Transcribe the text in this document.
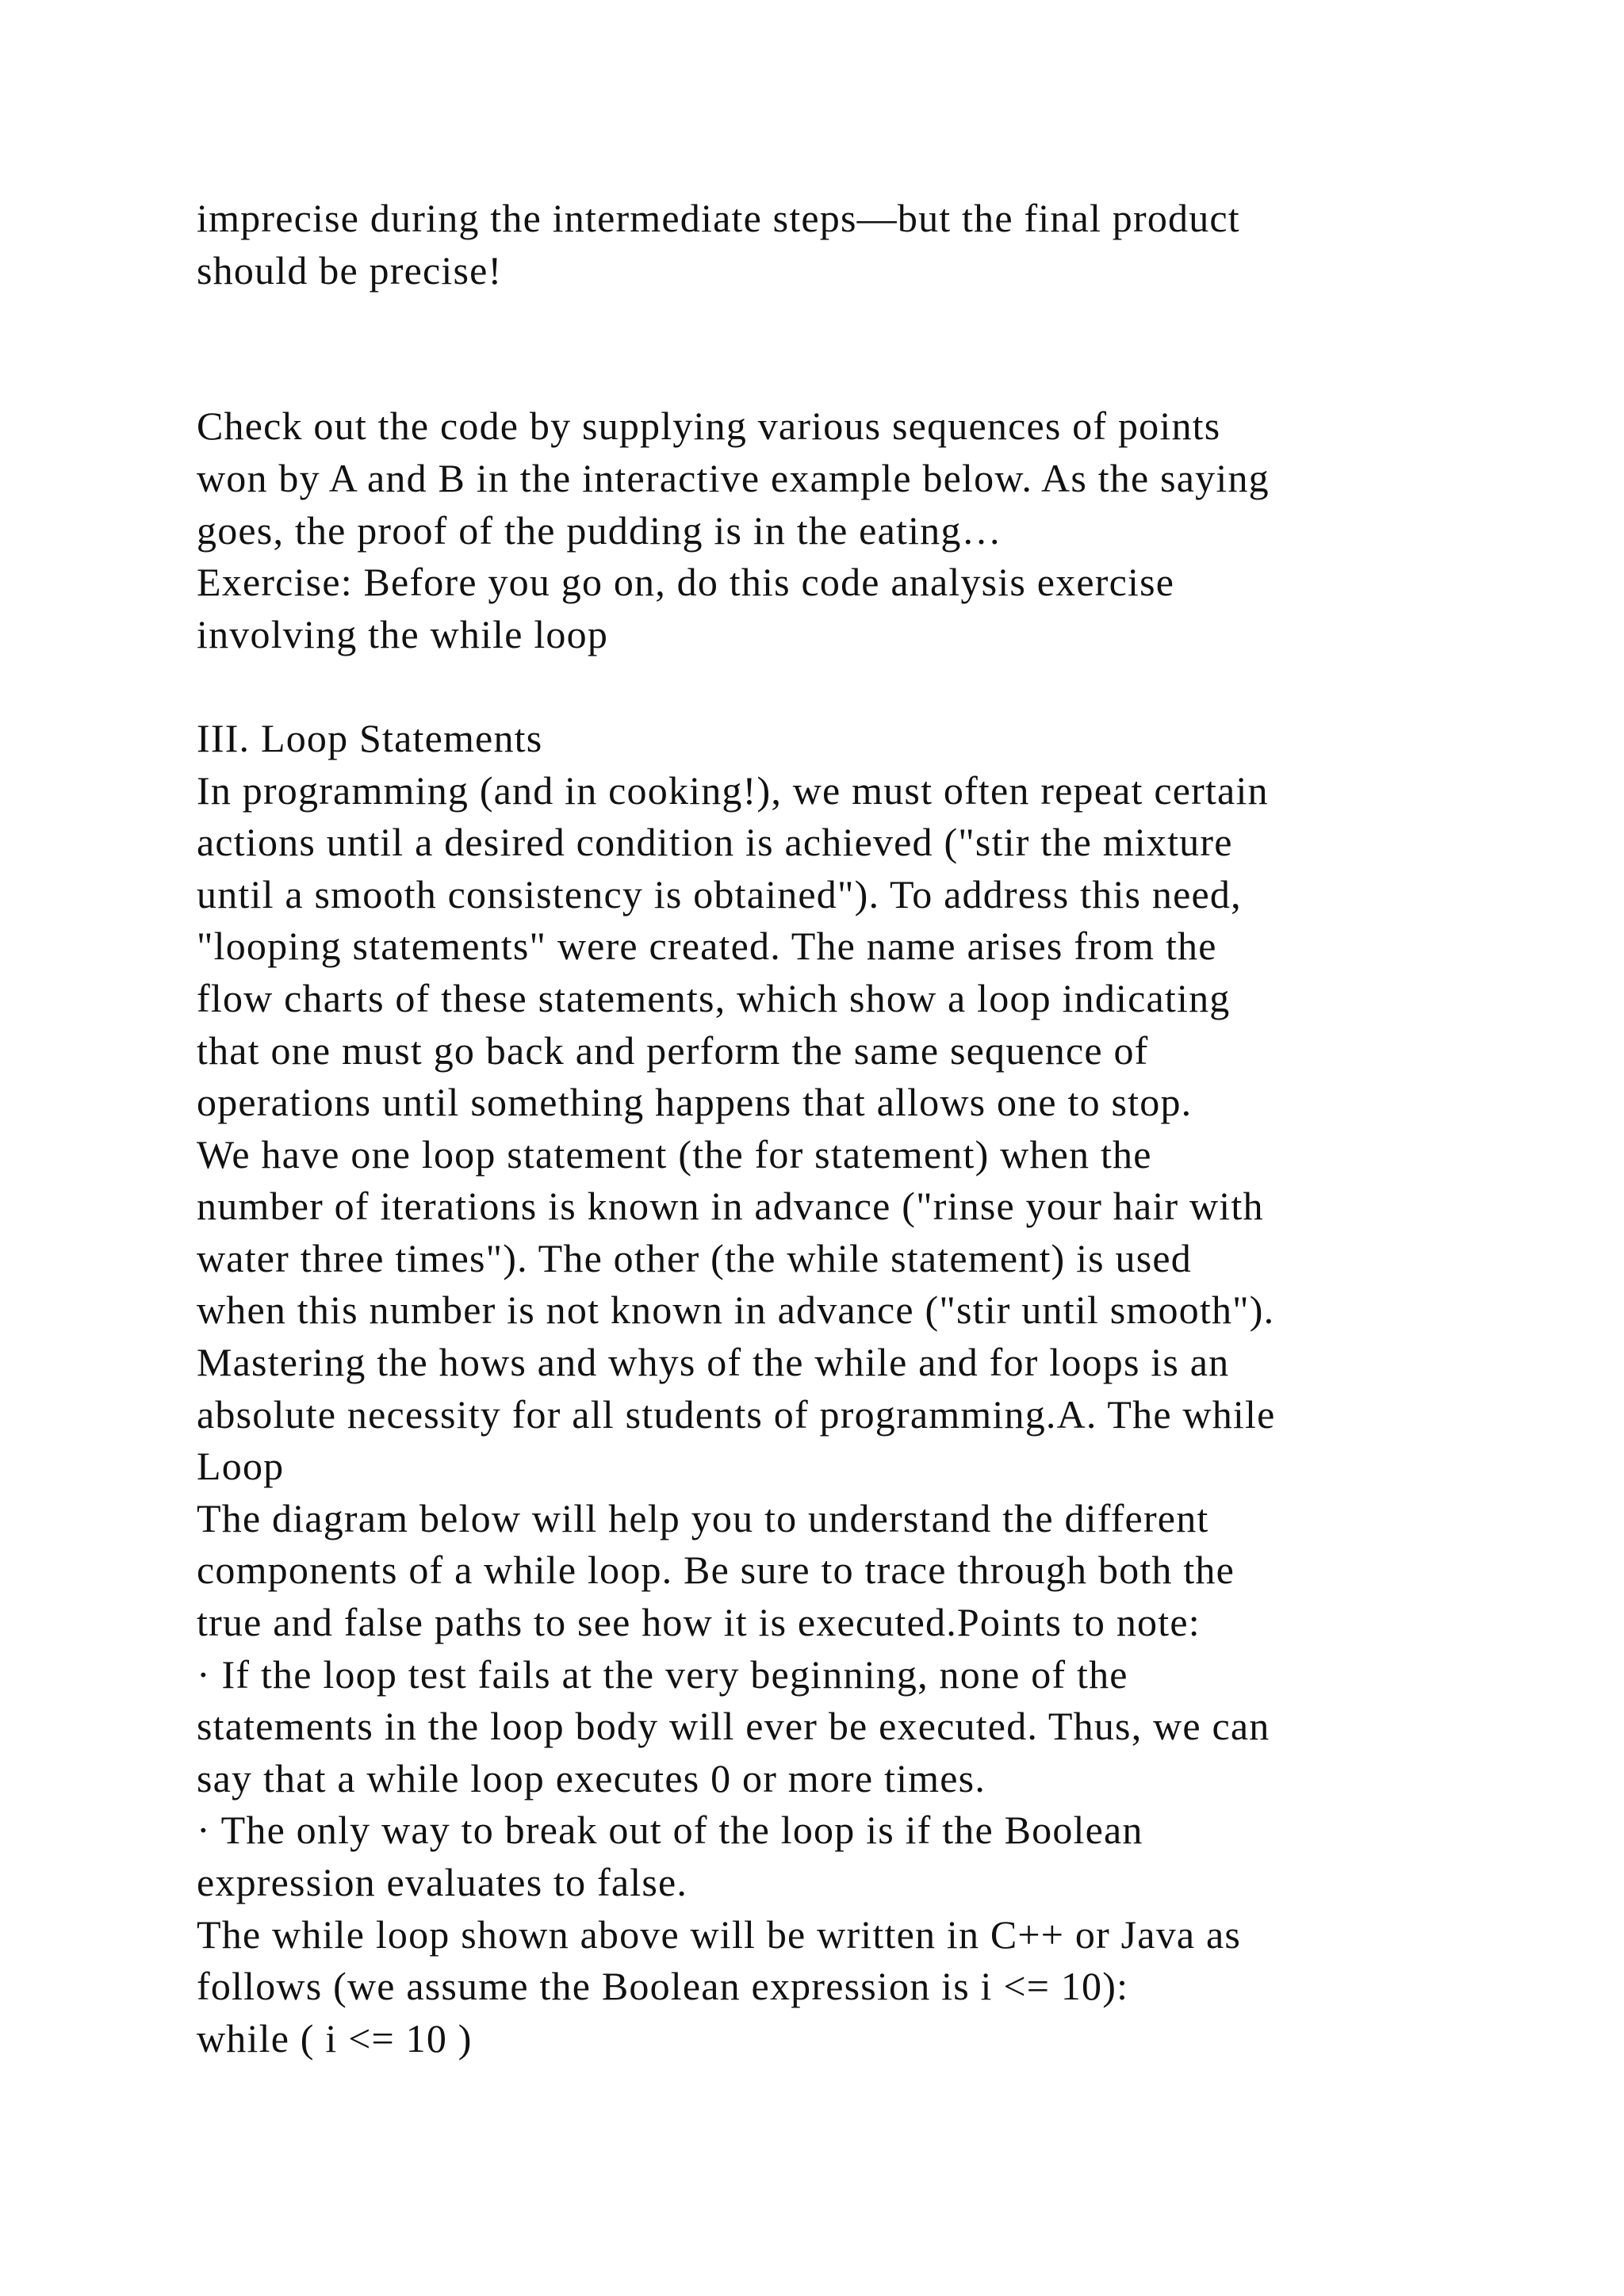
imprecise during the intermediate steps—but the final product
should be precise!
Check out the code by supplying various sequences of points
won by A and B in the interactive example below. As the saying
goes, the proof of the pudding is in the eating…
Exercise: Before you go on, do this code analysis exercise
involving the while loop
III. Loop Statements
In programming (and in cooking!), we must often repeat certain
actions until a desired condition is achieved ("stir the mixture
until a smooth consistency is obtained"). To address this need,
"looping statements" were created. The name arises from the
flow charts of these statements, which show a loop indicating
that one must go back and perform the same sequence of
operations until something happens that allows one to stop.
We have one loop statement (the for statement) when the
number of iterations is known in advance ("rinse your hair with
water three times"). The other (the while statement) is used
when this number is not known in advance ("stir until smooth").
Mastering the hows and whys of the while and for loops is an
absolute necessity for all students of programming.A. The while
Loop
The diagram below will help you to understand the different
components of a while loop. Be sure to trace through both the
true and false paths to see how it is executed.Points to note:
· If the loop test fails at the very beginning, none of the
statements in the loop body will ever be executed. Thus, we can
say that a while loop executes 0 or more times.
· The only way to break out of the loop is if the Boolean
expression evaluates to false.
The while loop shown above will be written in C++ or Java as
follows (we assume the Boolean expression is i <= 10):
while ( i <= 10 )
